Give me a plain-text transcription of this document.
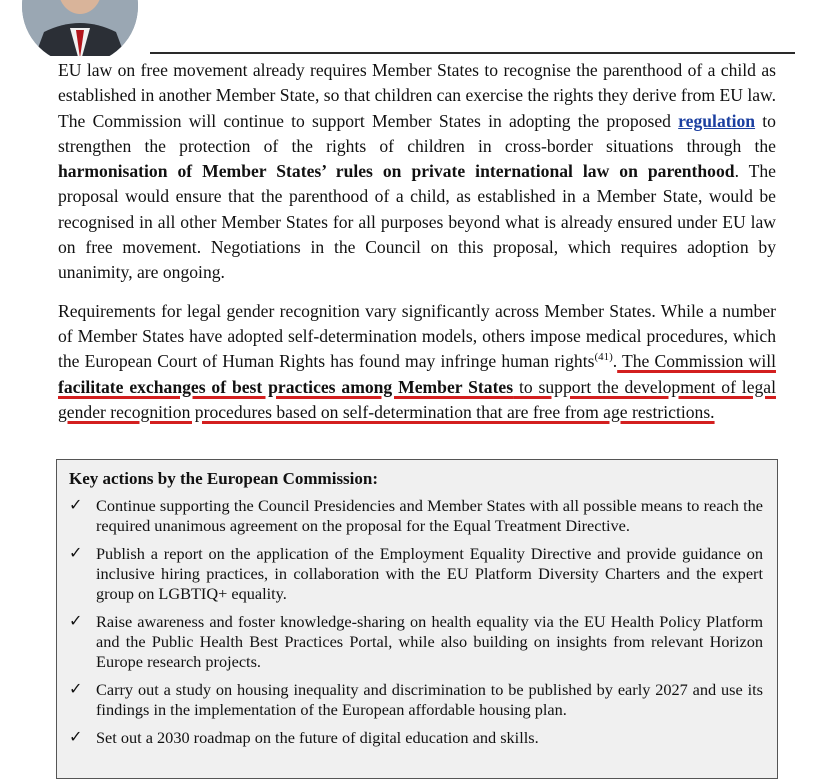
EU law on free movement already requires Member States to recognise the parenthood of a child as established in another Member State, so that children can exercise the rights they derive from EU law. The Commission will continue to support Member States in adopting the proposed regulation to strengthen the protection of the rights of children in cross-border situations through the harmonisation of Member States’ rules on private international law on parenthood. The proposal would ensure that the parenthood of a child, as established in a Member State, would be recognised in all other Member States for all purposes beyond what is already ensured under EU law on free movement. Negotiations in the Council on this proposal, which requires adoption by unanimity, are ongoing.

Requirements for legal gender recognition vary significantly across Member States. While a number of Member States have adopted self-determination models, others impose medical procedures, which the European Court of Human Rights has found may infringe human rights$^{(41)}$. The Commission will facilitate exchanges of best practices among Member States to support the development of legal gender recognition procedures based on self-determination that are free from age restrictions.

Key actions by the European Commission:
✓ Continue supporting the Council Presidencies and Member States with all possible means to reach the required unanimous agreement on the proposal for the Equal Treatment Directive.
✓ Publish a report on the application of the Employment Equality Directive and provide guidance on inclusive hiring practices, in collaboration with the EU Platform Diversity Charters and the expert group on LGBTIQ+ equality.
✓ Raise awareness and foster knowledge-sharing on health equality via the EU Health Policy Platform and the Public Health Best Practices Portal, while also building on insights from relevant Horizon Europe research projects.
✓ Carry out a study on housing inequality and discrimination to be published by early 2027 and use its findings in the implementation of the European affordable housing plan.
✓ Set out a 2030 roadmap on the future of digital education and skills.
